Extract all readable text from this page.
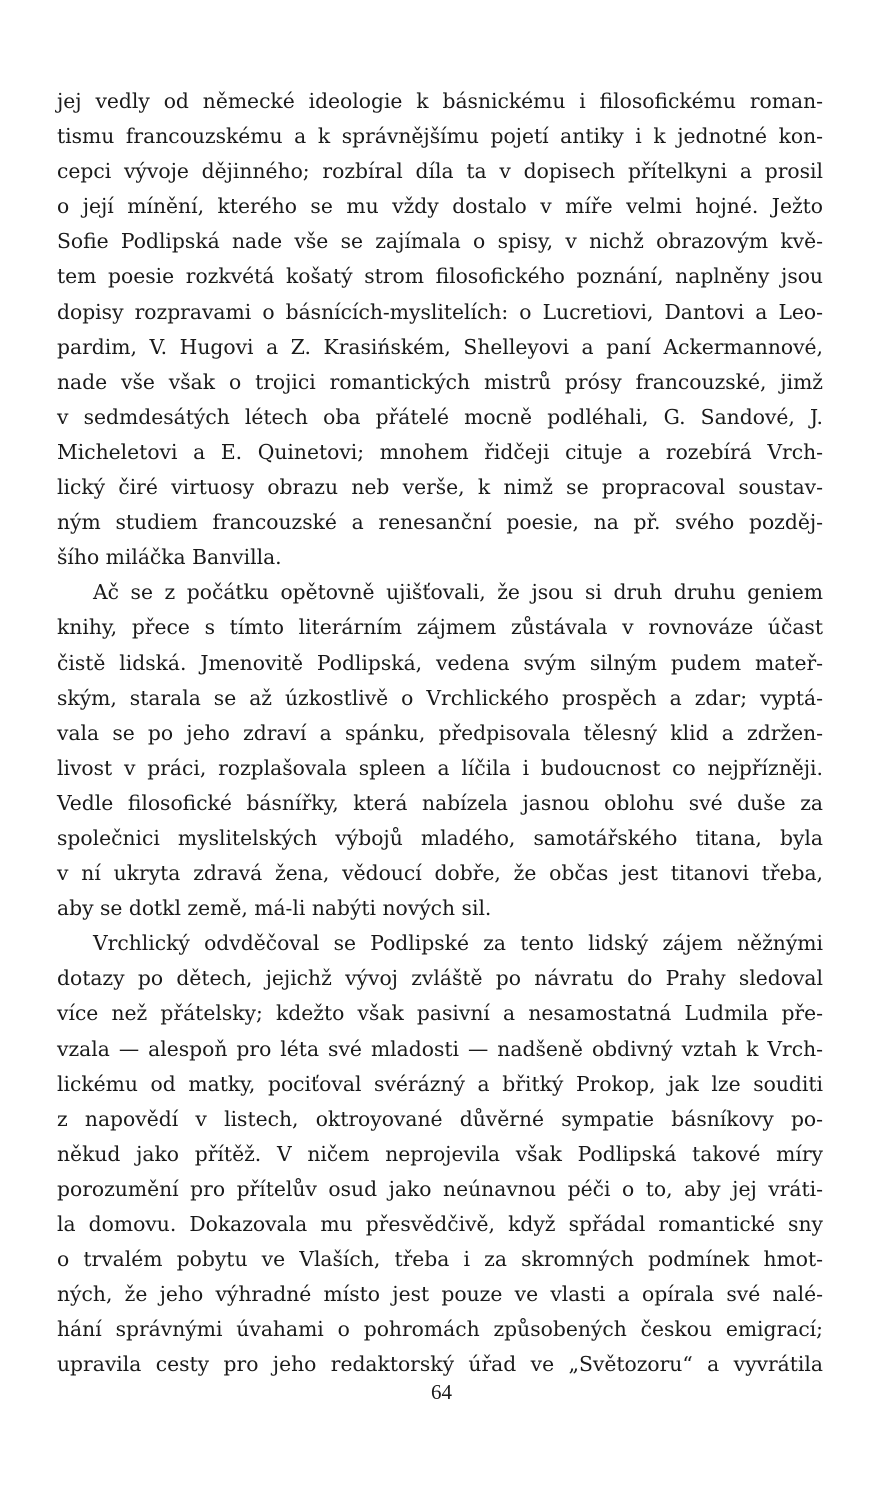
jej vedly od německé ideologie k básnickému i filosofickému roman-
tismu francouzskému a k správnějšímu pojetí antiky i k jednotné kon-
cepci vývoje dějinného; rozbíral díla ta v dopisech přítelkyni a prosil
o její mínění, kterého se mu vždy dostalo v míře velmi hojné. Ježto
Sofie Podlipská nade vše se zajímala o spisy, v nichž obrazovým kvě-
tem poesie rozkvétá košatý strom filosofického poznání, naplněny jsou
dopisy rozpravami o básnících-myslitelích: o Lucretiovi, Dantovi a Leo-
pardim, V. Hugovi a Z. Krasińském, Shelleyovi a paní Ackermannové,
nade vše však o trojici romantických mistrů prósy francouzské, jimž
v sedmdesátých létech oba přátelé mocně podléhali, G. Sandové, J.
Micheletovi a E. Quinetovi; mnohem řidčeji cituje a rozebírá Vrch-
lický čiré virtuosy obrazu neb verše, k nimž se propracoval soustav-
ným studiem francouzské a renesanční poesie, na př. svého pozděj-
šího miláčka Banvilla.
Ač se z počátku opětovně ujišťovali, že jsou si druh druhu geniem
knihy, přece s tímto literárním zájmem zůstávala v rovnováze účast
čistě lidská. Jmenovitě Podlipská, vedena svým silným pudem mateř-
ským, starala se až úzkostlivě o Vrchlického prospěch a zdar; vyptá-
vala se po jeho zdraví a spánku, předpisovala tělesný klid a zdržen-
livost v práci, rozplašovala spleen a líčila i budoucnost co nejpřízněji.
Vedle filosofické básnířky, která nabízela jasnou oblohu své duše za
společnici myslitelských výbojů mladého, samotářského titana, byla
v ní ukryta zdravá žena, vědoucí dobře, že občas jest titanovi třeba,
aby se dotkl země, má-li nabýti nových sil.
Vrchlický odvděčoval se Podlipské za tento lidský zájem něžnými
dotazy po dětech, jejichž vývoj zvláště po návratu do Prahy sledoval
více než přátelsky; kdežto však pasivní a nesamostatná Ludmila pře-
vzala — alespoň pro léta své mladosti — nadšeně obdivný vztah k Vrch-
lickému od matky, pociťoval svérázný a břitký Prokop, jak lze souditi
z napovědí v listech, oktroyované důvěrné sympatie básníkovy po-
někud jako přítěž. V ničem neprojevila však Podlipská takové míry
porozumění pro přítelův osud jako neúnavnou péči o to, aby jej vráti-
la domovu. Dokazovala mu přesvědčivě, když spřádal romantické sny
o trvalém pobytu ve Vlaších, třeba i za skromných podmínek hmot-
ných, že jeho výhradné místo jest pouze ve vlasti a opírala své nalé-
hání správnými úvahami o pohromách způsobených českou emigrací;
upravila cesty pro jeho redaktorský úřad ve „Světozoru“ a vyvrátila
64
